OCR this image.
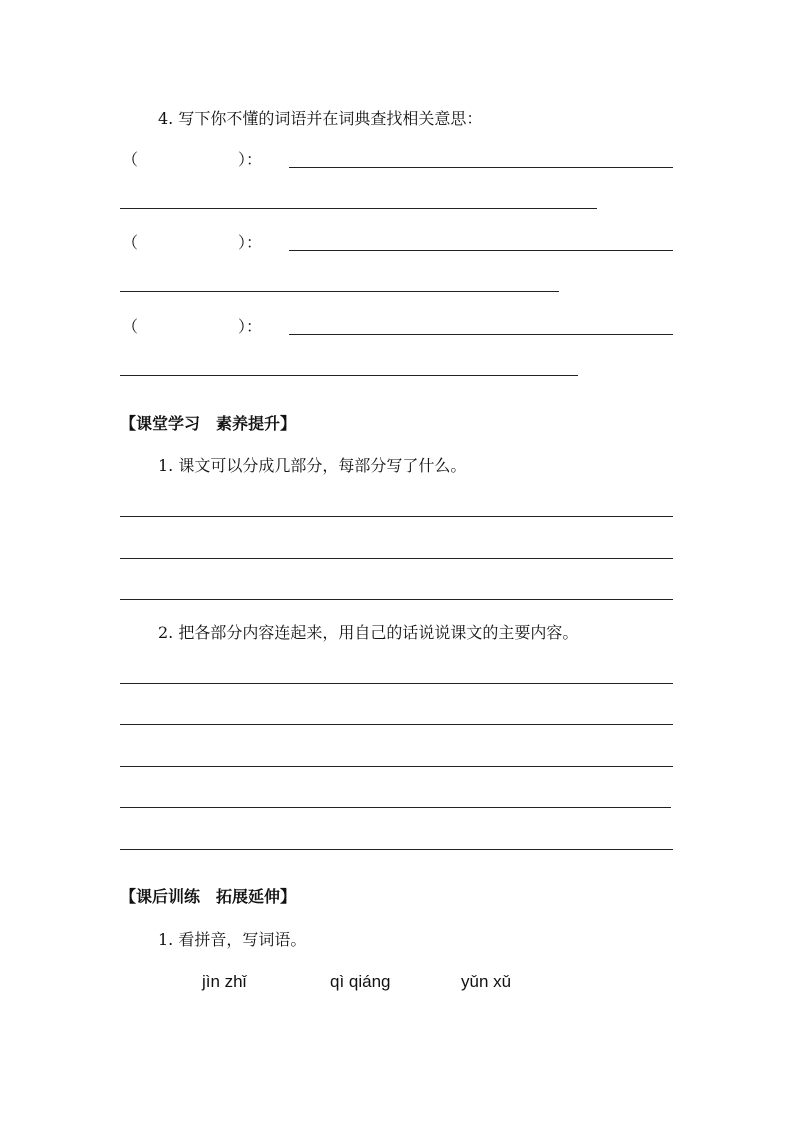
4. 写下你不懂的词语并在词典查找相关意思：
（	）：
（	）：
（	）：
【课堂学习　素养提升】
1. 课文可以分成几部分，每部分写了什么。
2. 把各部分内容连起来，用自己的话说说课文的主要内容。
【课后训练　拓展延伸】
1. 看拼音，写词语。
jìn zhǐ	qì qiáng	yǔn xǔ
